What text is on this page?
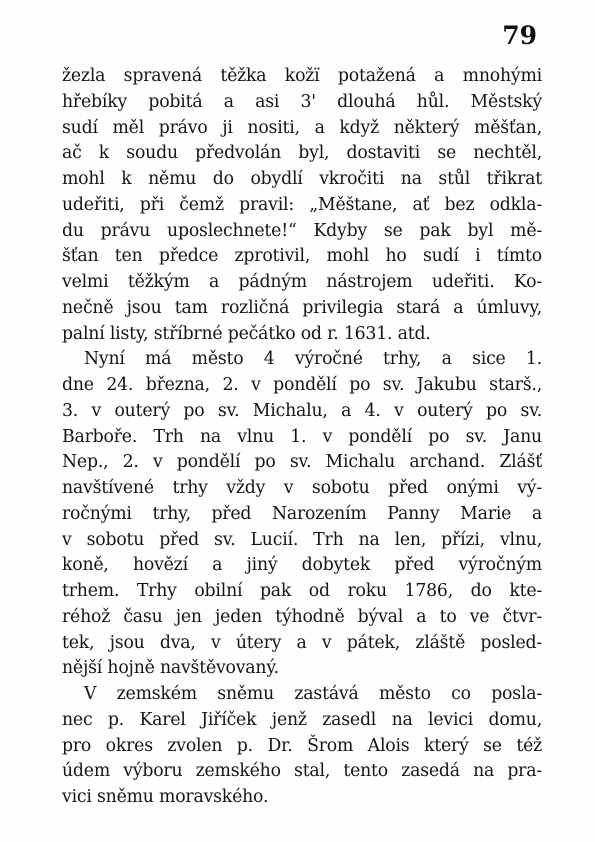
79
žezla spravená těžka kožï potažená a mnohými
hřebíky pobitá a asi 3' dlouhá hůl. Městský
sudí měl právo ji nositi, a když některý měšťan,
ač k soudu předvolán byl, dostaviti se nechtěl,
mohl k němu do obydlí vkročiti na stůl třikrat
udeřiti, při čemž pravil: „Měštane, ať bez odkla-
du právu uposlechnete!“ Kdyby se pak byl mě-
šťan ten předce zprotivil, mohl ho sudí i tímto
velmi těžkým a pádným nástrojem udeřiti. Ko-
nečně jsou tam rozličná privilegia stará a úmluvy,
palní listy, stříbrné pečátko od r. 1631. atd.
Nyní má město 4 výročné trhy, a sice 1.
dne 24. března, 2. v pondělí po sv. Jakubu starš.,
3. v outerý po sv. Michalu, a 4. v outerý po sv.
Barboře. Trh na vlnu 1. v pondělí po sv. Janu
Nep., 2. v pondělí po sv. Michalu archand. Zlášť
navštívené trhy vždy v sobotu před onými vý-
ročnými trhy, před Narozením Panny Marie a
v sobotu před sv. Lucií. Trh na len, přízi, vlnu,
koně, hovězí a jiný dobytek před výročným
trhem. Trhy obilní pak od roku 1786, do kte-
réhož času jen jeden týhodně býval a to ve čtvr-
tek, jsou dva, v útery a v pátek, zláště posled-
nější hojně navštěvovaný.
V zemském sněmu zastává město co posla-
nec p. Karel Jiříček jenž zasedl na levici domu,
pro okres zvolen p. Dr. Šrom Alois který se též
údem výboru zemského stal, tento zasedá na pra-
vici sněmu moravského.
